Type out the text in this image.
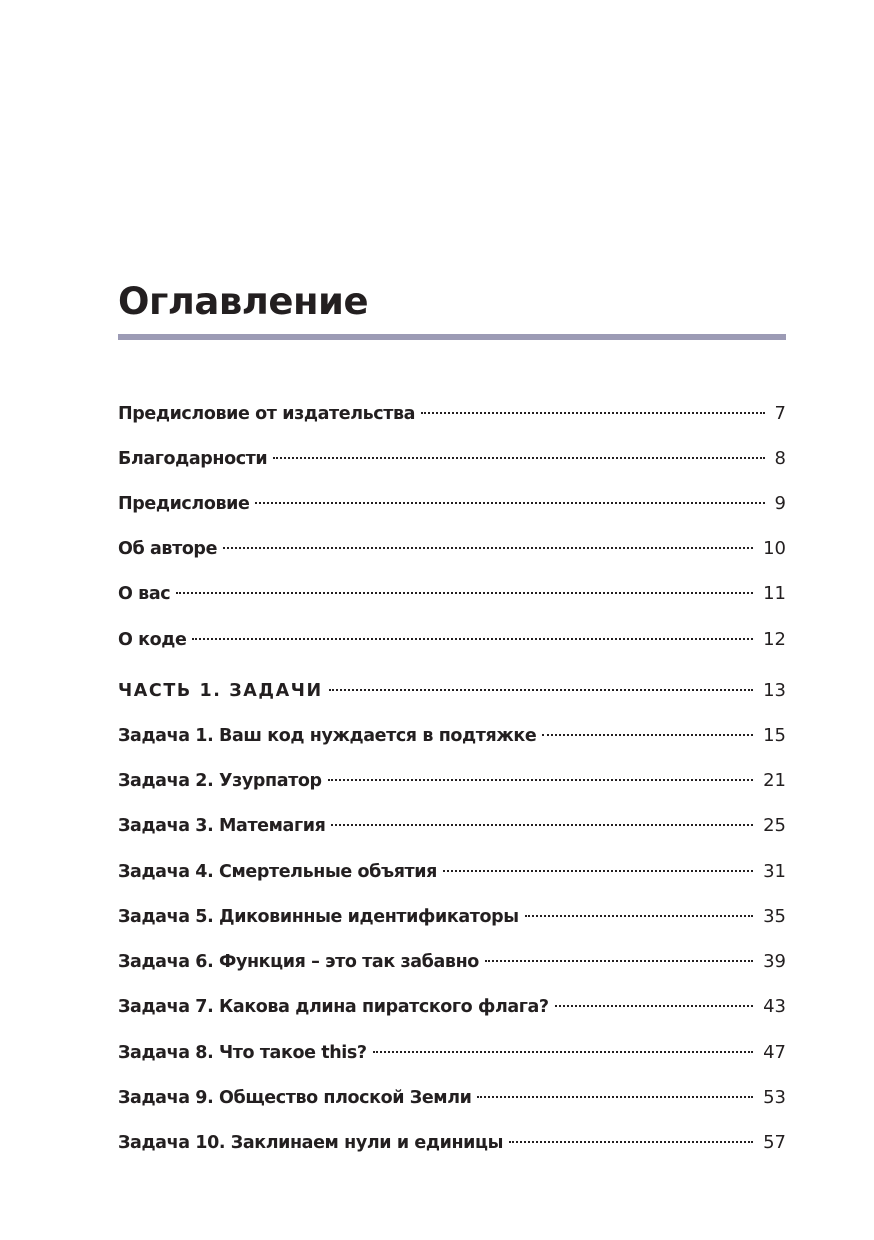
Оглавление
Предисловие от издательства	7
Благодарности	8
Предисловие	9
Об авторе	10
О вас	11
О коде	12
ЧАСТЬ 1. ЗАДАЧИ	13
Задача 1. Ваш код нуждается в подтяжке	15
Задача 2. Узурпатор	21
Задача 3. Матемагия	25
Задача 4. Смертельные объятия	31
Задача 5. Диковинные идентификаторы	35
Задача 6. Функция – это так забавно	39
Задача 7. Какова длина пиратского флага?	43
Задача 8. Что такое this?	47
Задача 9. Общество плоской Земли	53
Задача 10. Заклинаем нули и единицы	57
